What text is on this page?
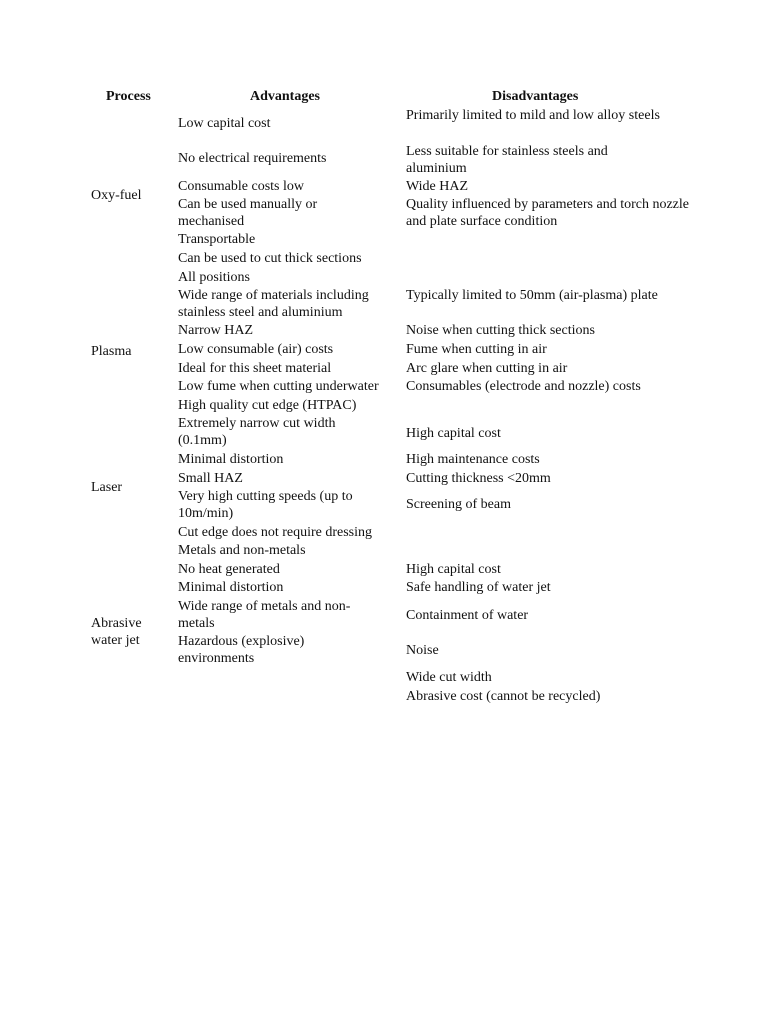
Process	Advantages	Disadvantages
Oxy-fuel
Plasma
Laser
Abrasive water jet
Low capital cost
No electrical requirements
Consumable costs low
Can be used manually or mechanised
Transportable
Can be used to cut thick sections
All positions
Wide range of materials including stainless steel and aluminium
Narrow HAZ
Low consumable (air) costs
Ideal for this sheet material
Low fume when cutting underwater
High quality cut edge (HTPAC)
Extremely narrow cut width (0.1mm)
Minimal distortion
Small HAZ
Very high cutting speeds (up to 10m/min)
Cut edge does not require dressing
Metals and non-metals
No heat generated
Minimal distortion
Wide range of metals and non-metals
Hazardous (explosive) environments
Primarily limited to mild and low alloy steels
Less suitable for stainless steels and aluminium
Wide HAZ
Quality influenced by parameters and torch nozzle and plate surface condition
Typically limited to 50mm (air-plasma) plate
Noise when cutting thick sections
Fume when cutting in air
Arc glare when cutting in air
Consumables (electrode and nozzle) costs
High capital cost
High maintenance costs
Cutting thickness <20mm
Screening of beam
High capital cost
Safe handling of water jet
Containment of water
Noise
Wide cut width
Abrasive cost (cannot be recycled)
